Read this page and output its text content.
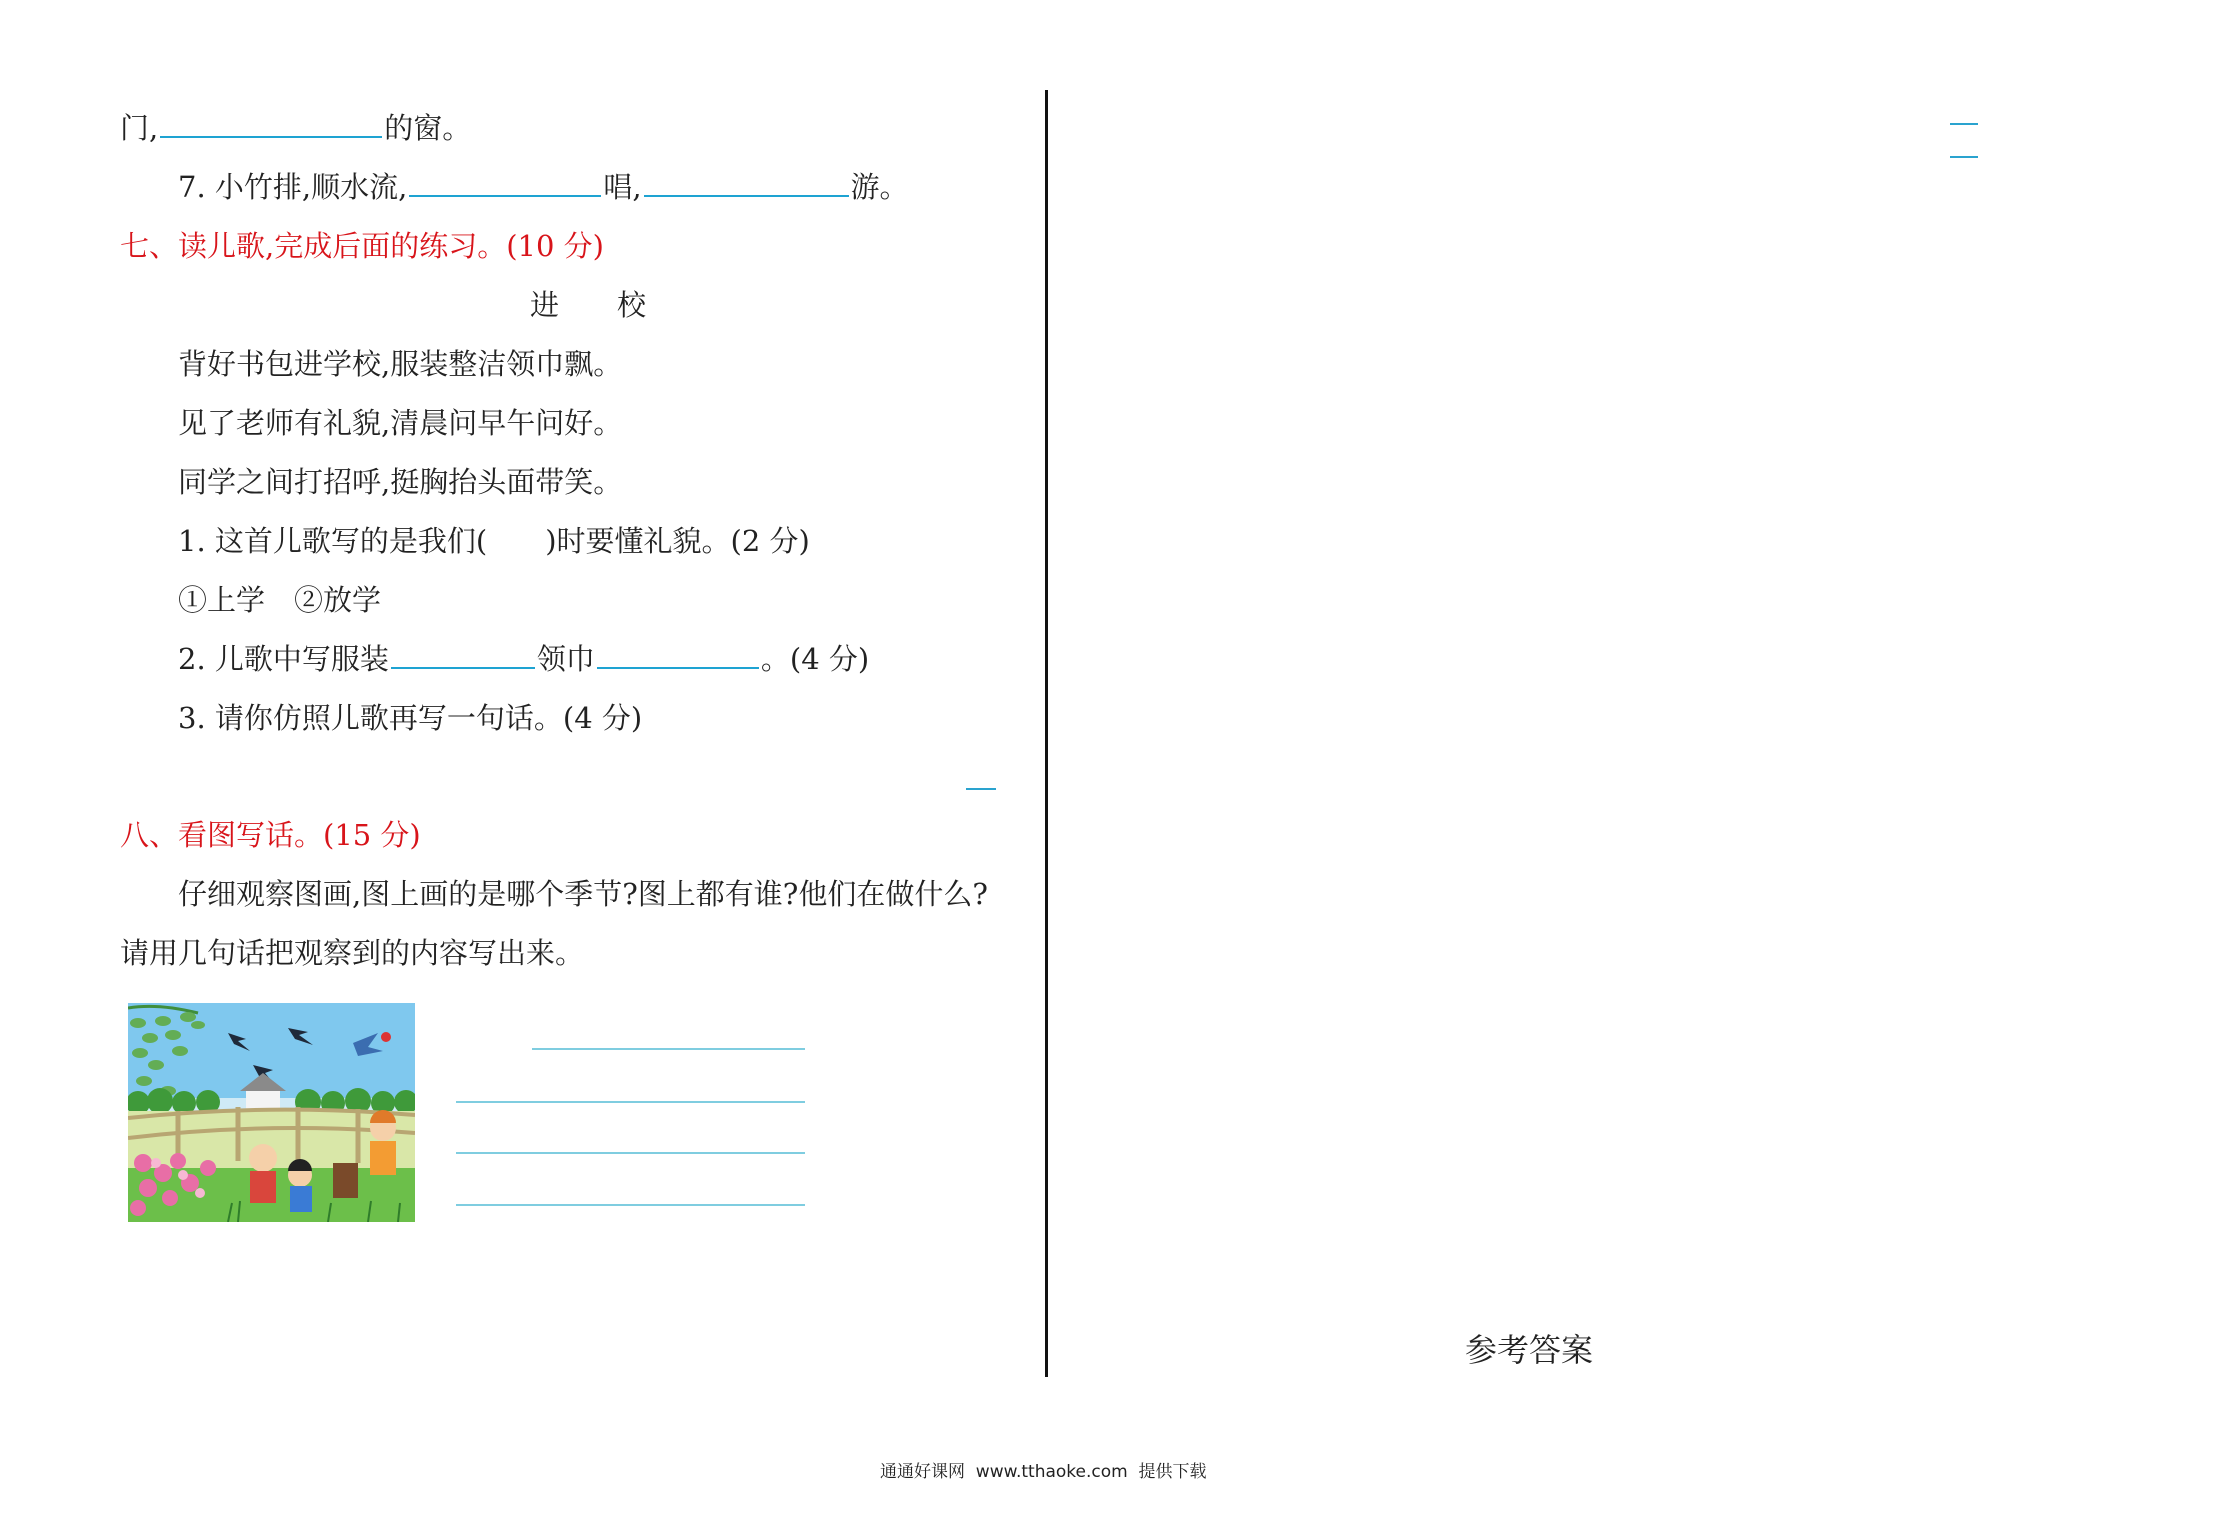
门,	的窗。
7. 小竹排,顺水流,	唱,	游。
七、读儿歌,完成后面的练习。(10 分)
进　　校
背好书包进学校,服装整洁领巾飘。
见了老师有礼貌,清晨问早午问好。
同学之间打招呼,挺胸抬头面带笑。
1. 这首儿歌写的是我们(　　)时要懂礼貌。(2 分)
①上学　②放学
2. 儿歌中写服装	领巾	。(4 分)
3. 请你仿照儿歌再写一句话。(4 分)
八、看图写话。(15 分)
仔细观察图画,图上画的是哪个季节?图上都有谁?他们在做什么?
请用几句话把观察到的内容写出来。
参考答案
通通好课网  www.tthaoke.com  提供下载
